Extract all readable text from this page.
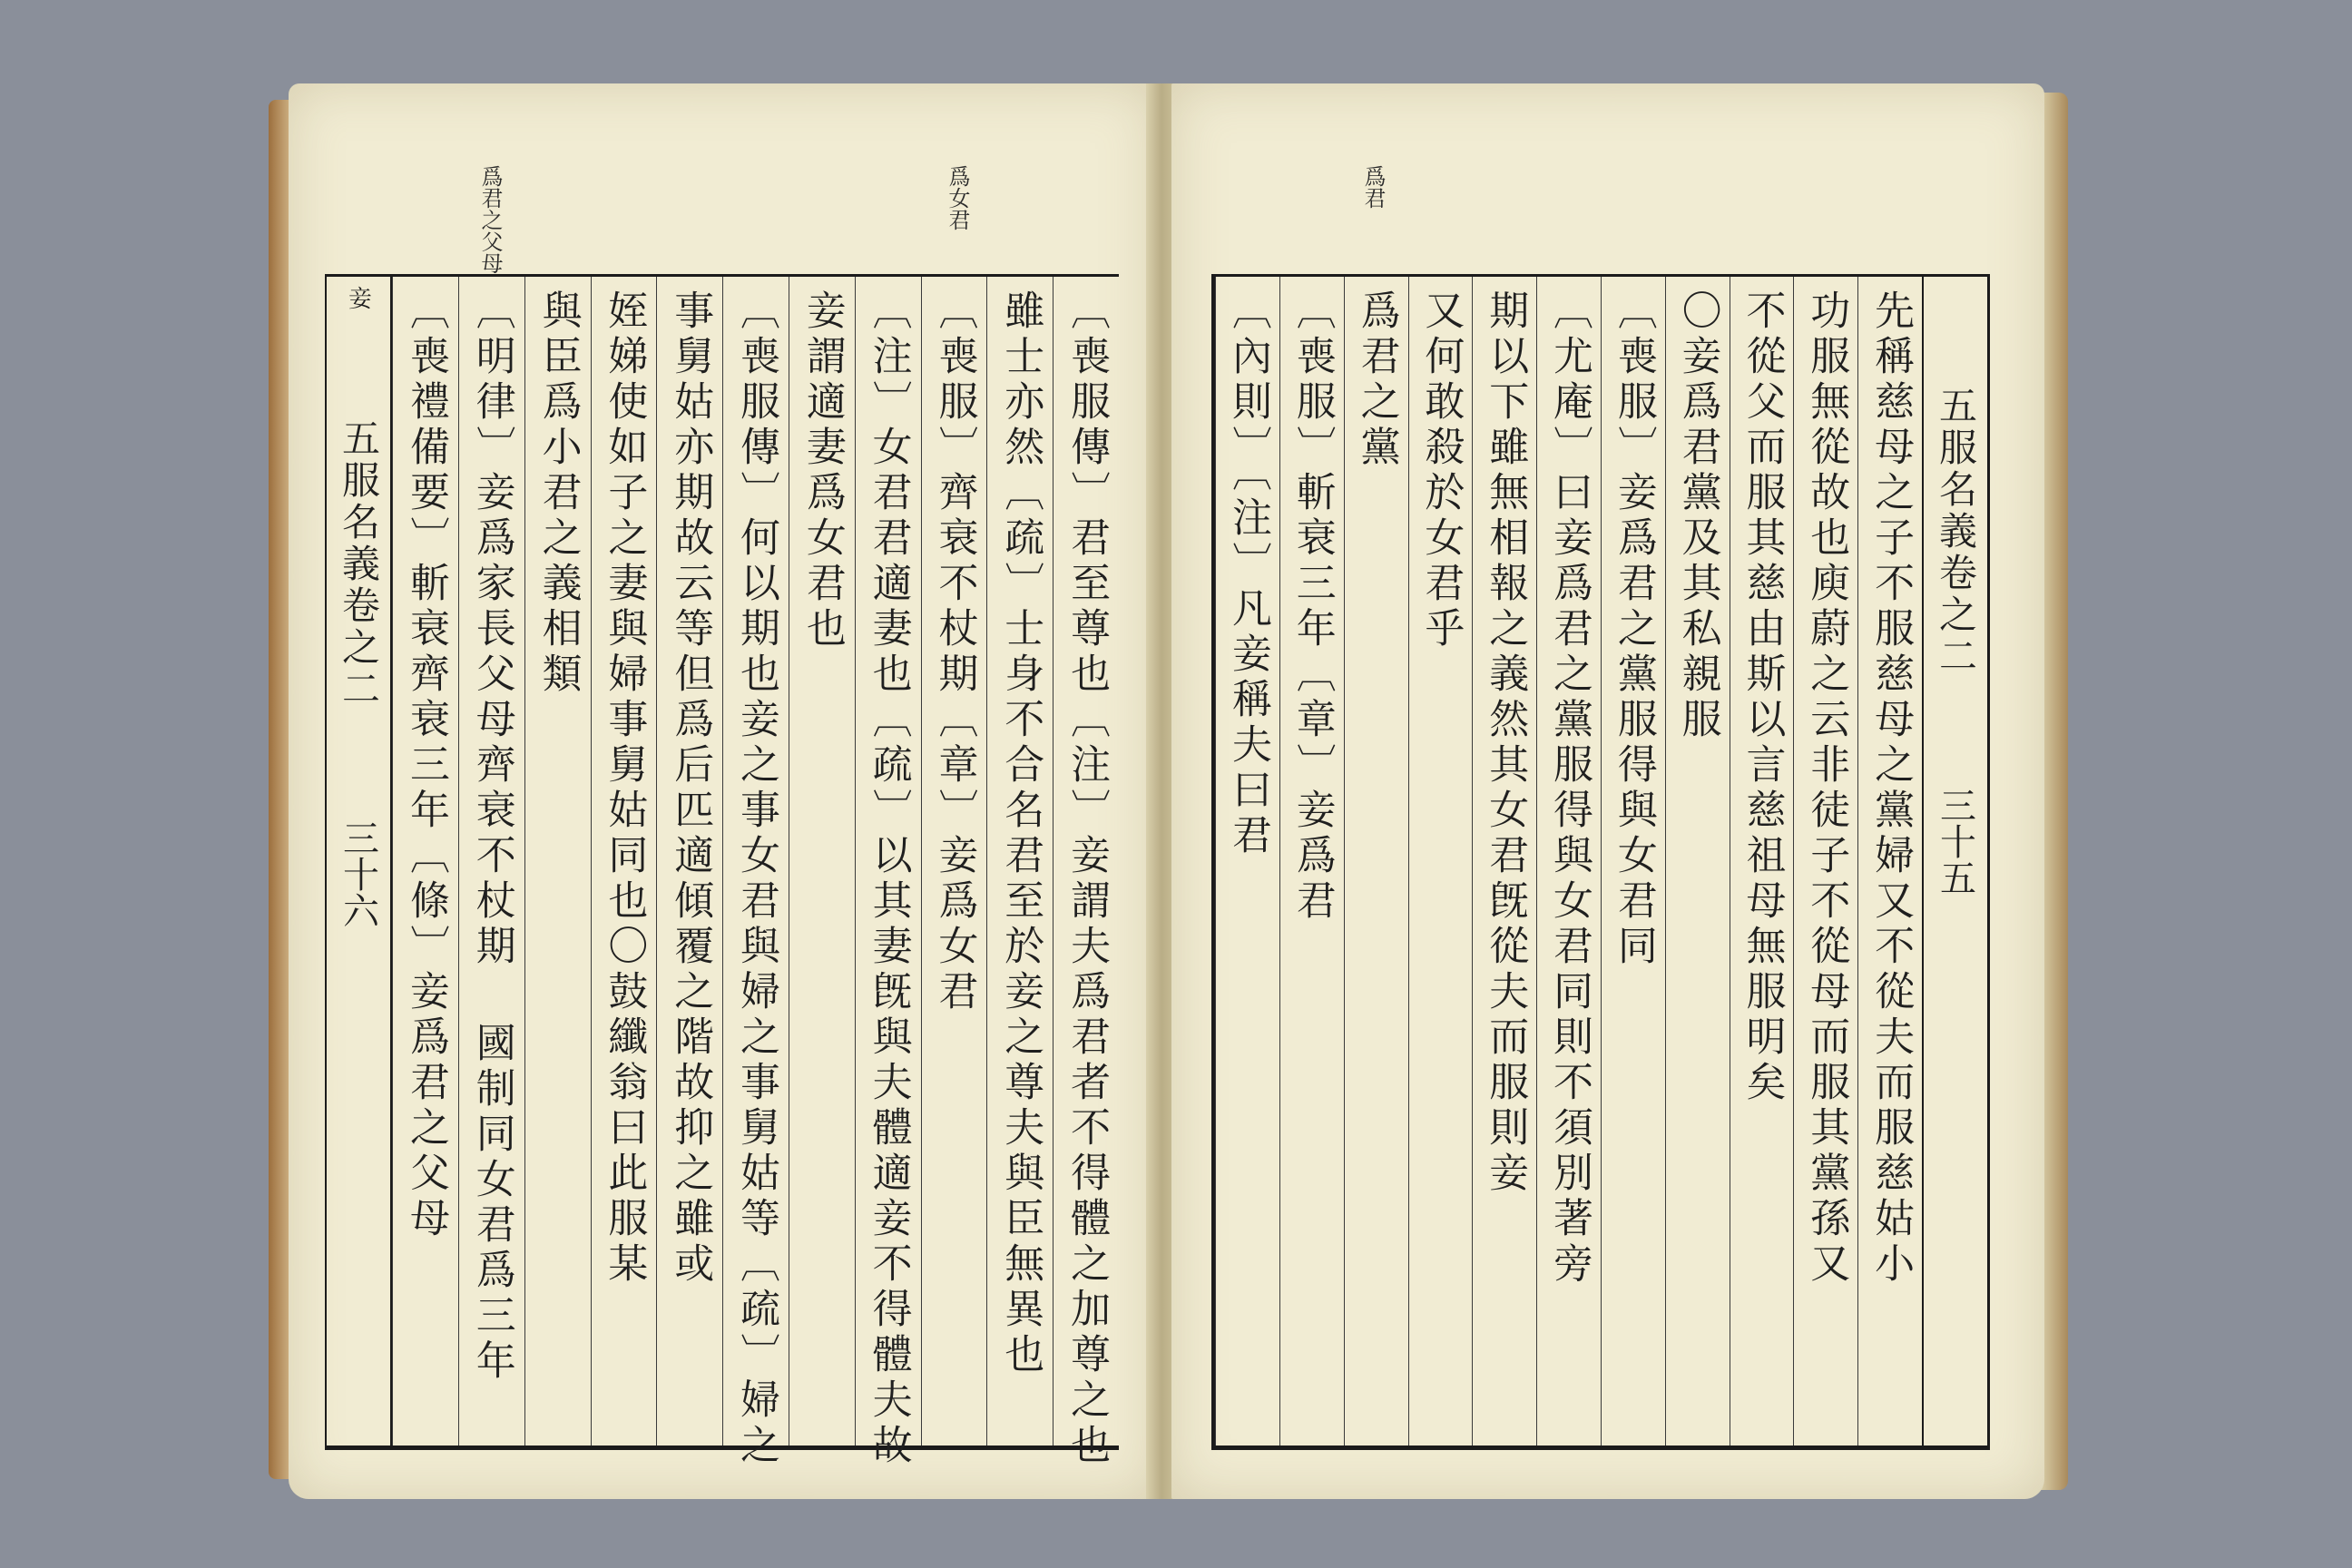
爲君之父母	爲女君
妾
五服名義卷之二
三十六	〔喪服傳〕君至尊也〔注〕妾謂夫爲君者不得體之加尊之也
雖士亦然〔疏〕士身不合名君至於妾之尊夫與臣無異也
〔喪服〕齊衰不杖期〔章〕妾爲女君
〔注〕女君君適妻也〔疏〕以其妻旣與夫體適妾不得體夫故
妾謂適妻爲女君也
〔喪服傳〕何以期也妾之事女君與婦之事舅姑等〔疏〕婦之
事舅姑亦期故云等但爲后匹適傾覆之階故抑之雖或
姪娣使如子之妻與婦事舅姑同也〇鼓纖翁曰此服某
與臣爲小君之義相類
〔明律〕妾爲家長父母齊衰不杖期 國制同女君爲三年
〔喪禮備要〕斬衰齊衰三年〔條〕妾爲君之父母
爲君
五服名義卷之二
三十五
先稱慈母之子不服慈母之黨婦又不從夫而服慈姑小
功服無從故也庾蔚之云非徒子不從母而服其黨孫又
不從父而服其慈由斯以言慈祖母無服明矣
〇妾爲君黨及其私親服
〔喪服〕妾爲君之黨服得與女君同
〔尤庵〕曰妾爲君之黨服得與女君同則不須別著旁
期以下雖無相報之義然其女君旣從夫而服則妾
又何敢殺於女君乎
爲君之黨
〔喪服〕斬衰三年〔章〕妾爲君
〔內則〕〔注〕凡妾稱夫曰君
